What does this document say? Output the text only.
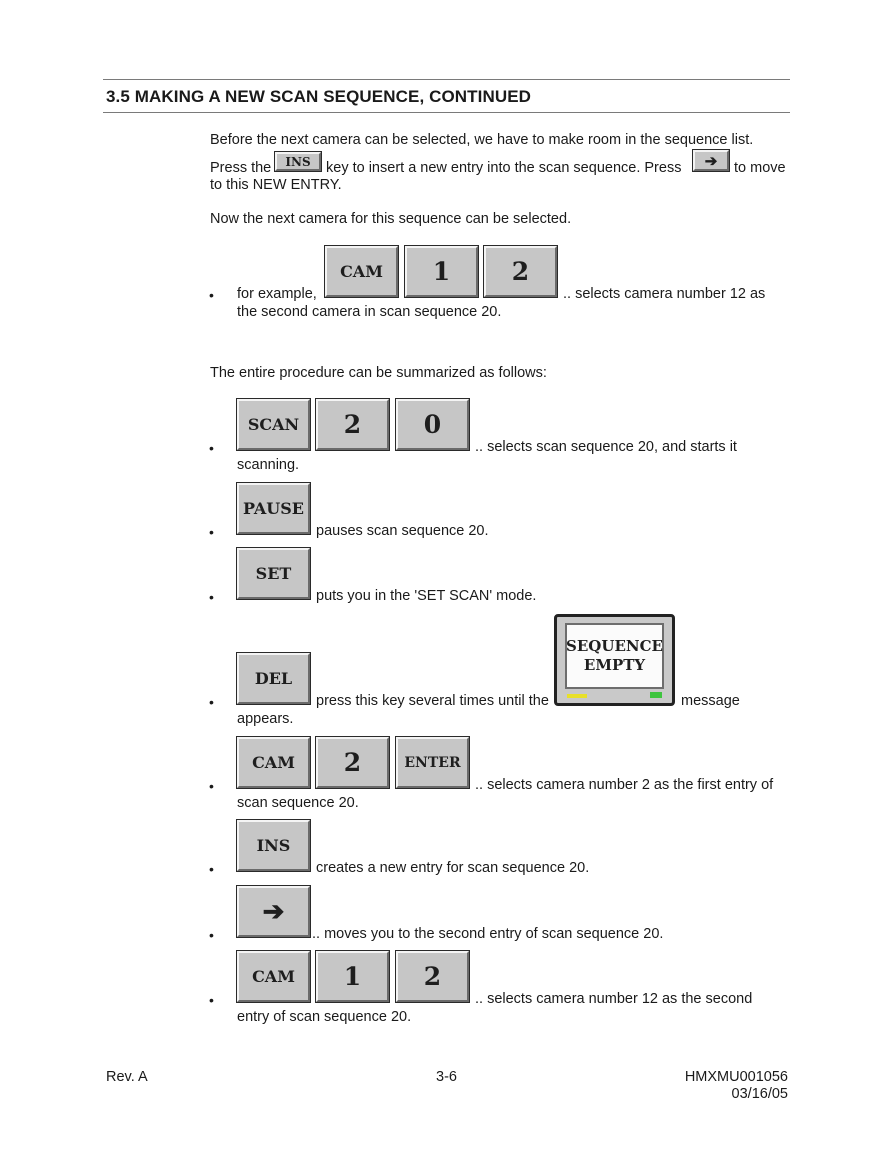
3.5 MAKING A NEW SCAN SEQUENCE, CONTINUED
Before the next camera can be selected, we have to make room in the sequence list.
Press the	INS	key to insert a new entry into the scan sequence. Press ➔ to move
to this NEW ENTRY.
Now the next camera for this sequence can be selected.
• for example,
CAM	1	2
.. selects camera number 12 as
the second camera in scan sequence 20.
The entire procedure can be summarized as follows:
•
SCAN	2	0
.. selects scan sequence 20, and starts it
scanning.
•
PAUSE
pauses scan sequence 20.
•
SET
puts you in the 'SET SCAN' mode.
•
DEL
press this key several times until the
SEQUENCE
EMPTY
message
appears.
•
CAM	2	ENTER
.. selects camera number 2 as the first entry of
scan sequence 20.
•
INS
creates a new entry for scan sequence 20.
•
➔
.. moves you to the second entry of scan sequence 20.
•
CAM	1	2
.. selects camera number 12 as the second
entry of scan sequence 20.
Rev. A	3-6	HMXMU001056
03/16/05
